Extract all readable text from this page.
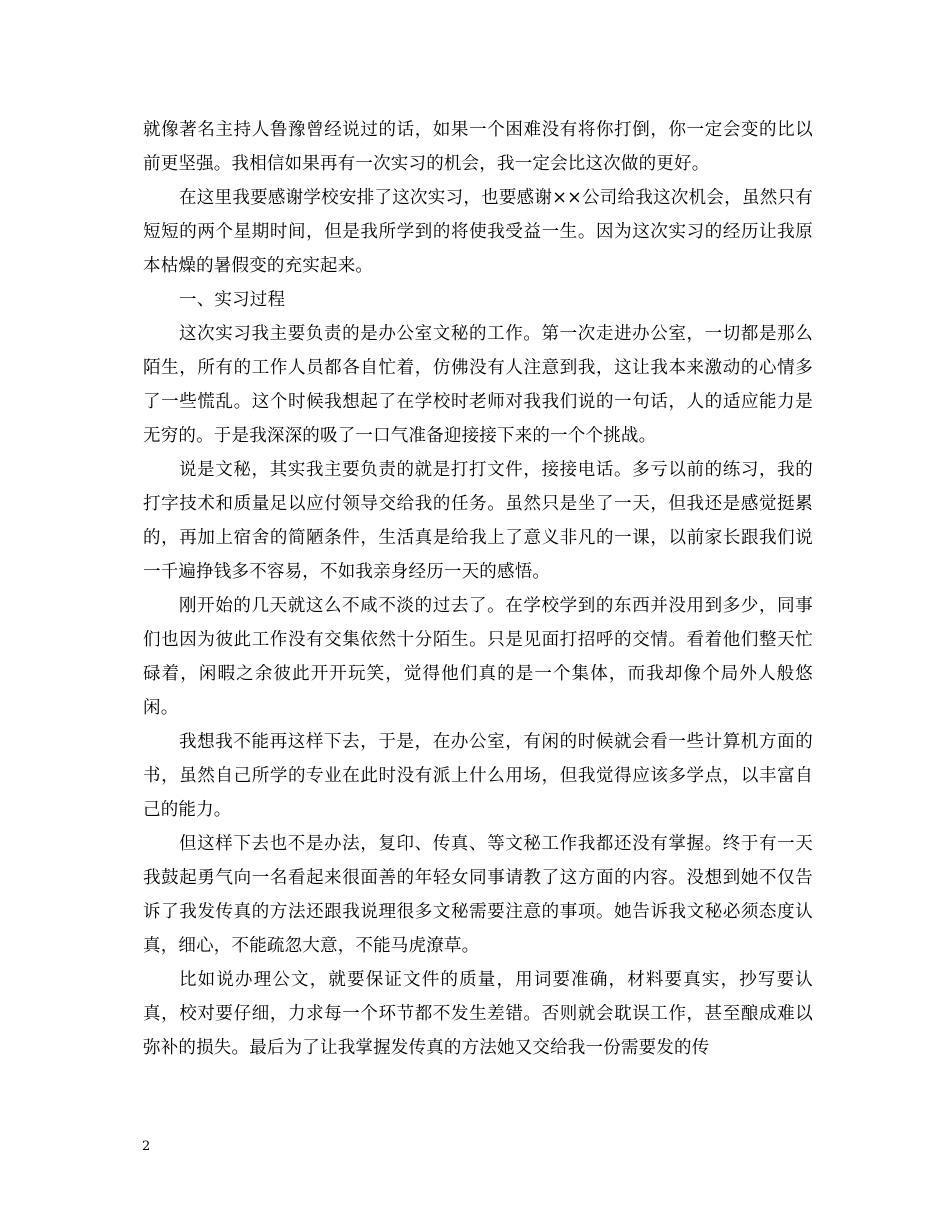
就像著名主持人鲁豫曾经说过的话，如果一个困难没有将你打倒，你一定会变的比以前更坚强。我相信如果再有一次实习的机会，我一定会比这次做的更好。

在这里我要感谢学校安排了这次实习，也要感谢××公司给我这次机会，虽然只有短短的两个星期时间，但是我所学到的将使我受益一生。因为这次实习的经历让我原本枯燥的暑假变的充实起来。

一、实习过程

这次实习我主要负责的是办公室文秘的工作。第一次走进办公室，一切都是那么陌生，所有的工作人员都各自忙着，仿佛没有人注意到我，这让我本来激动的心情多了一些慌乱。这个时候我想起了在学校时老师对我我们说的一句话，人的适应能力是无穷的。于是我深深的吸了一口气准备迎接接下来的一个个挑战。

说是文秘，其实我主要负责的就是打打文件，接接电话。多亏以前的练习，我的打字技术和质量足以应付领导交给我的任务。虽然只是坐了一天，但我还是感觉挺累的，再加上宿舍的简陋条件，生活真是给我上了意义非凡的一课，以前家长跟我们说一千遍挣钱多不容易，不如我亲身经历一天的感悟。

刚开始的几天就这么不咸不淡的过去了。在学校学到的东西并没用到多少，同事们也因为彼此工作没有交集依然十分陌生。只是见面打招呼的交情。看着他们整天忙碌着，闲暇之余彼此开开玩笑，觉得他们真的是一个集体，而我却像个局外人般悠闲。

我想我不能再这样下去，于是，在办公室，有闲的时候就会看一些计算机方面的书，虽然自己所学的专业在此时没有派上什么用场，但我觉得应该多学点，以丰富自己的能力。

但这样下去也不是办法，复印、传真、等文秘工作我都还没有掌握。终于有一天我鼓起勇气向一名看起来很面善的年轻女同事请教了这方面的内容。没想到她不仅告诉了我发传真的方法还跟我说理很多文秘需要注意的事项。她告诉我文秘必须态度认真，细心，不能疏忽大意，不能马虎潦草。

比如说办理公文，就要保证文件的质量，用词要准确，材料要真实，抄写要认真，校对要仔细，力求每一个环节都不发生差错。否则就会耽误工作，甚至酿成难以弥补的损失。最后为了让我掌握发传真的方法她又交给我一份需要发的传

2
